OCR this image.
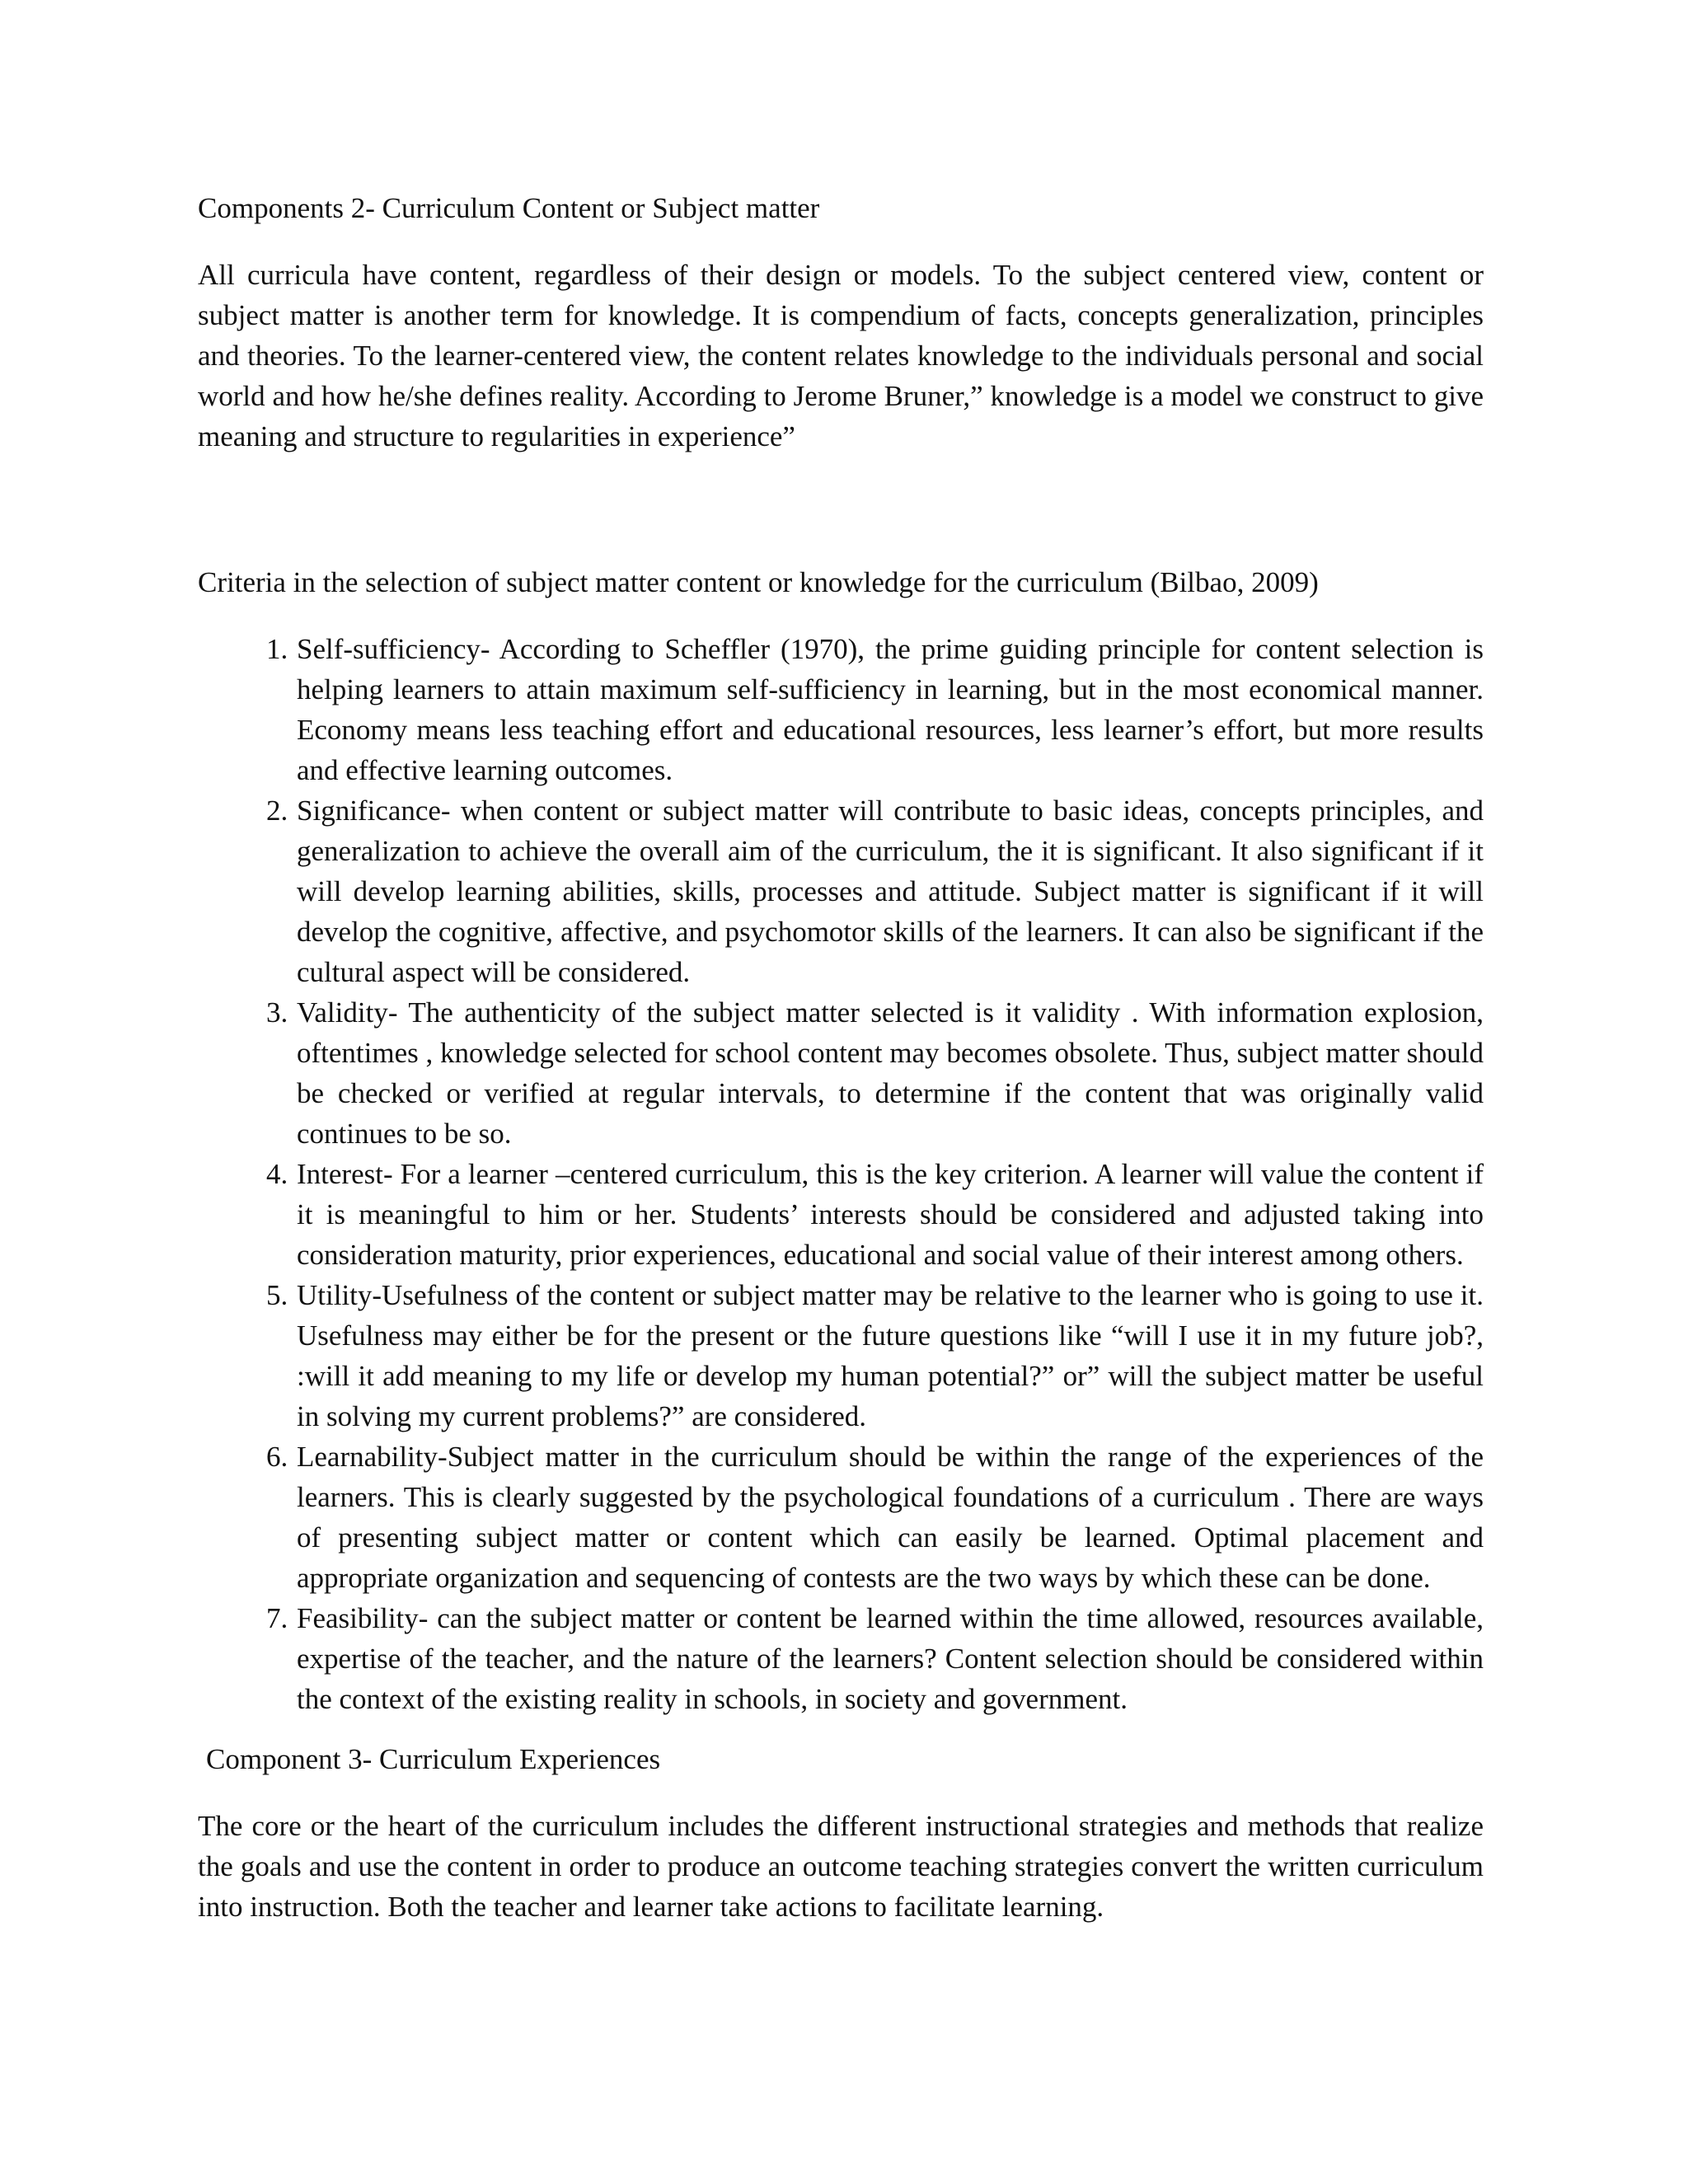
Components 2- Curriculum Content or Subject matter

All curricula have content, regardless of their design or models. To the subject centered view, content or subject matter is another term for knowledge. It is compendium of facts, concepts generalization, principles and theories. To the learner-centered view, the content relates knowledge to the individuals personal and social world and how he/she defines reality. According to Jerome Bruner,” knowledge is a model we construct to give meaning and structure to regularities in experience”

Criteria in the selection of subject matter content or knowledge for the curriculum (Bilbao, 2009)

1. Self-sufficiency- According to Scheffler (1970), the prime guiding principle for content selection is helping learners to attain maximum self-sufficiency in learning, but in the most economical manner. Economy means less teaching effort and educational resources, less learner’s effort, but more results and effective learning outcomes.
2. Significance- when content or subject matter will contribute to basic ideas, concepts principles, and generalization to achieve the overall aim of the curriculum, the it is significant. It also significant if it will develop learning abilities, skills, processes and attitude. Subject matter is significant if it will develop the cognitive, affective, and psychomotor skills of the learners. It can also be significant if the cultural aspect will be considered.
3. Validity- The authenticity of the subject matter selected is it validity . With information explosion, oftentimes , knowledge selected for school content may becomes obsolete. Thus, subject matter should be checked or verified at regular intervals, to determine if the content that was originally valid continues to be so.
4. Interest- For a learner –centered curriculum, this is the key criterion. A learner will value the content if it is meaningful to him or her. Students’ interests should be considered and adjusted taking into consideration maturity, prior experiences, educational and social value of their interest among others.
5. Utility-Usefulness of the content or subject matter may be relative to the learner who is going to use it. Usefulness may either be for the present or the future questions like “will I use it in my future job?, :will it add meaning to my life or develop my human potential?” or” will the subject matter be useful in solving my current problems?” are considered.
6. Learnability-Subject matter in the curriculum should be within the range of the experiences of the learners. This is clearly suggested by the psychological foundations of a curriculum . There are ways of presenting subject matter or content which can easily be learned. Optimal placement and appropriate organization and sequencing of contests are the two ways by which these can be done.
7. Feasibility- can the subject matter or content be learned within the time allowed, resources available, expertise of the teacher, and the nature of the learners? Content selection should be considered within the context of the existing reality in schools, in society and government.

Component 3- Curriculum Experiences

The core or the heart of the curriculum includes the different instructional strategies and methods that realize the goals and use the content in order to produce an outcome teaching strategies convert the written curriculum into instruction. Both the teacher and learner take actions to facilitate learning.
